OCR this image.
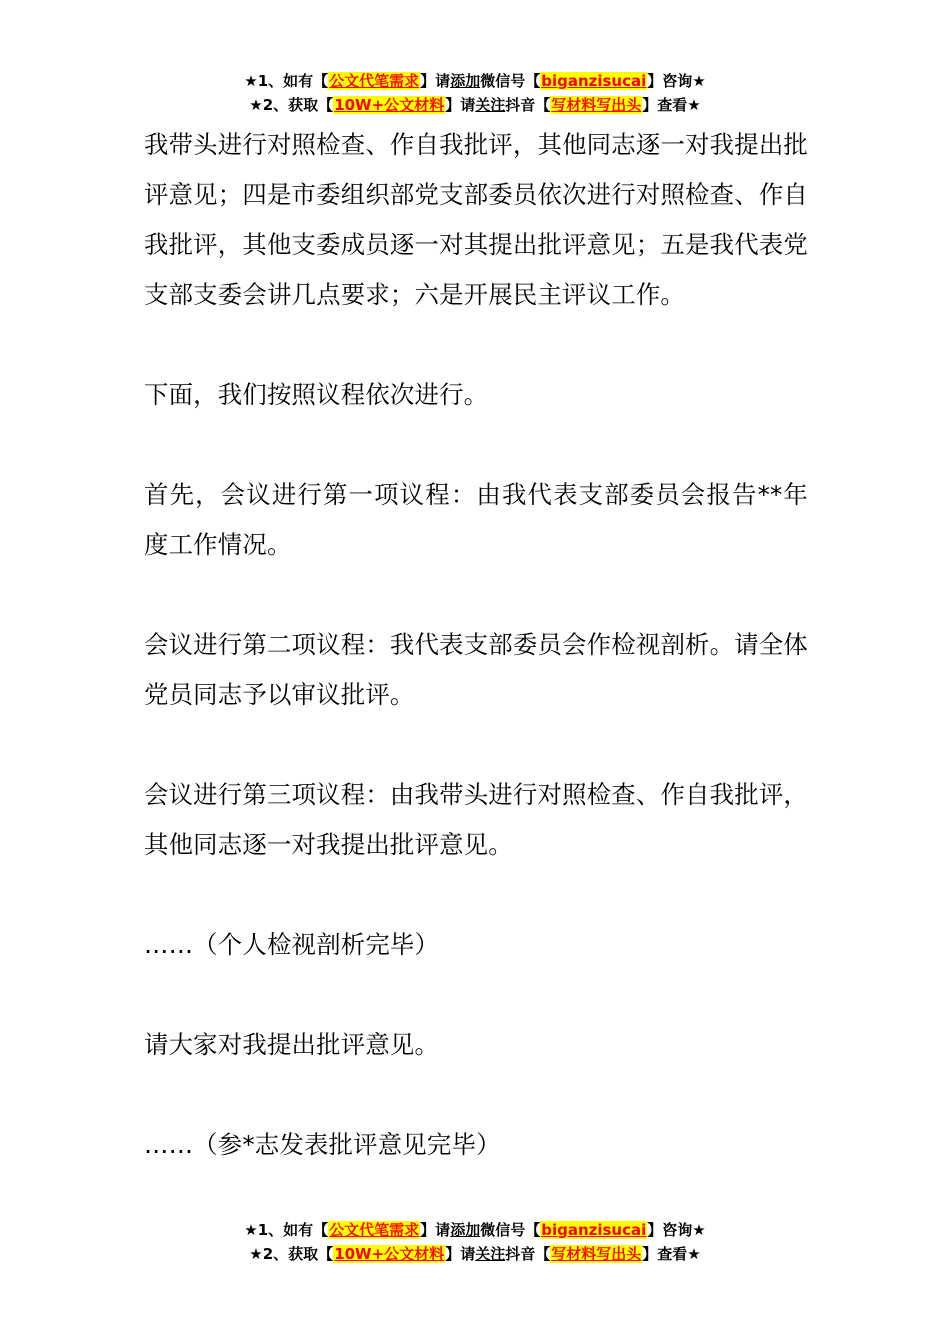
★1、如有【公文代笔需求】请添加微信号【biganzisucai】咨询★
★2、获取【10W+公文材料】请关注抖音【写材料写出头】查看★

我带头进行对照检查、作自我批评，其他同志逐一对我提出批评意见；四是市委组织部党支部委员依次进行对照检查、作自我批评，其他支委成员逐一对其提出批评意见；五是我代表党支部支委会讲几点要求；六是开展民主评议工作。

下面，我们按照议程依次进行。

首先，会议进行第一项议程：由我代表支部委员会报告**年度工作情况。

会议进行第二项议程：我代表支部委员会作检视剖析。请全体党员同志予以审议批评。

会议进行第三项议程：由我带头进行对照检查、作自我批评，其他同志逐一对我提出批评意见。

……（个人检视剖析完毕）

请大家对我提出批评意见。

……（参*志发表批评意见完毕）

★1、如有【公文代笔需求】请添加微信号【biganzisucai】咨询★
★2、获取【10W+公文材料】请关注抖音【写材料写出头】查看★
